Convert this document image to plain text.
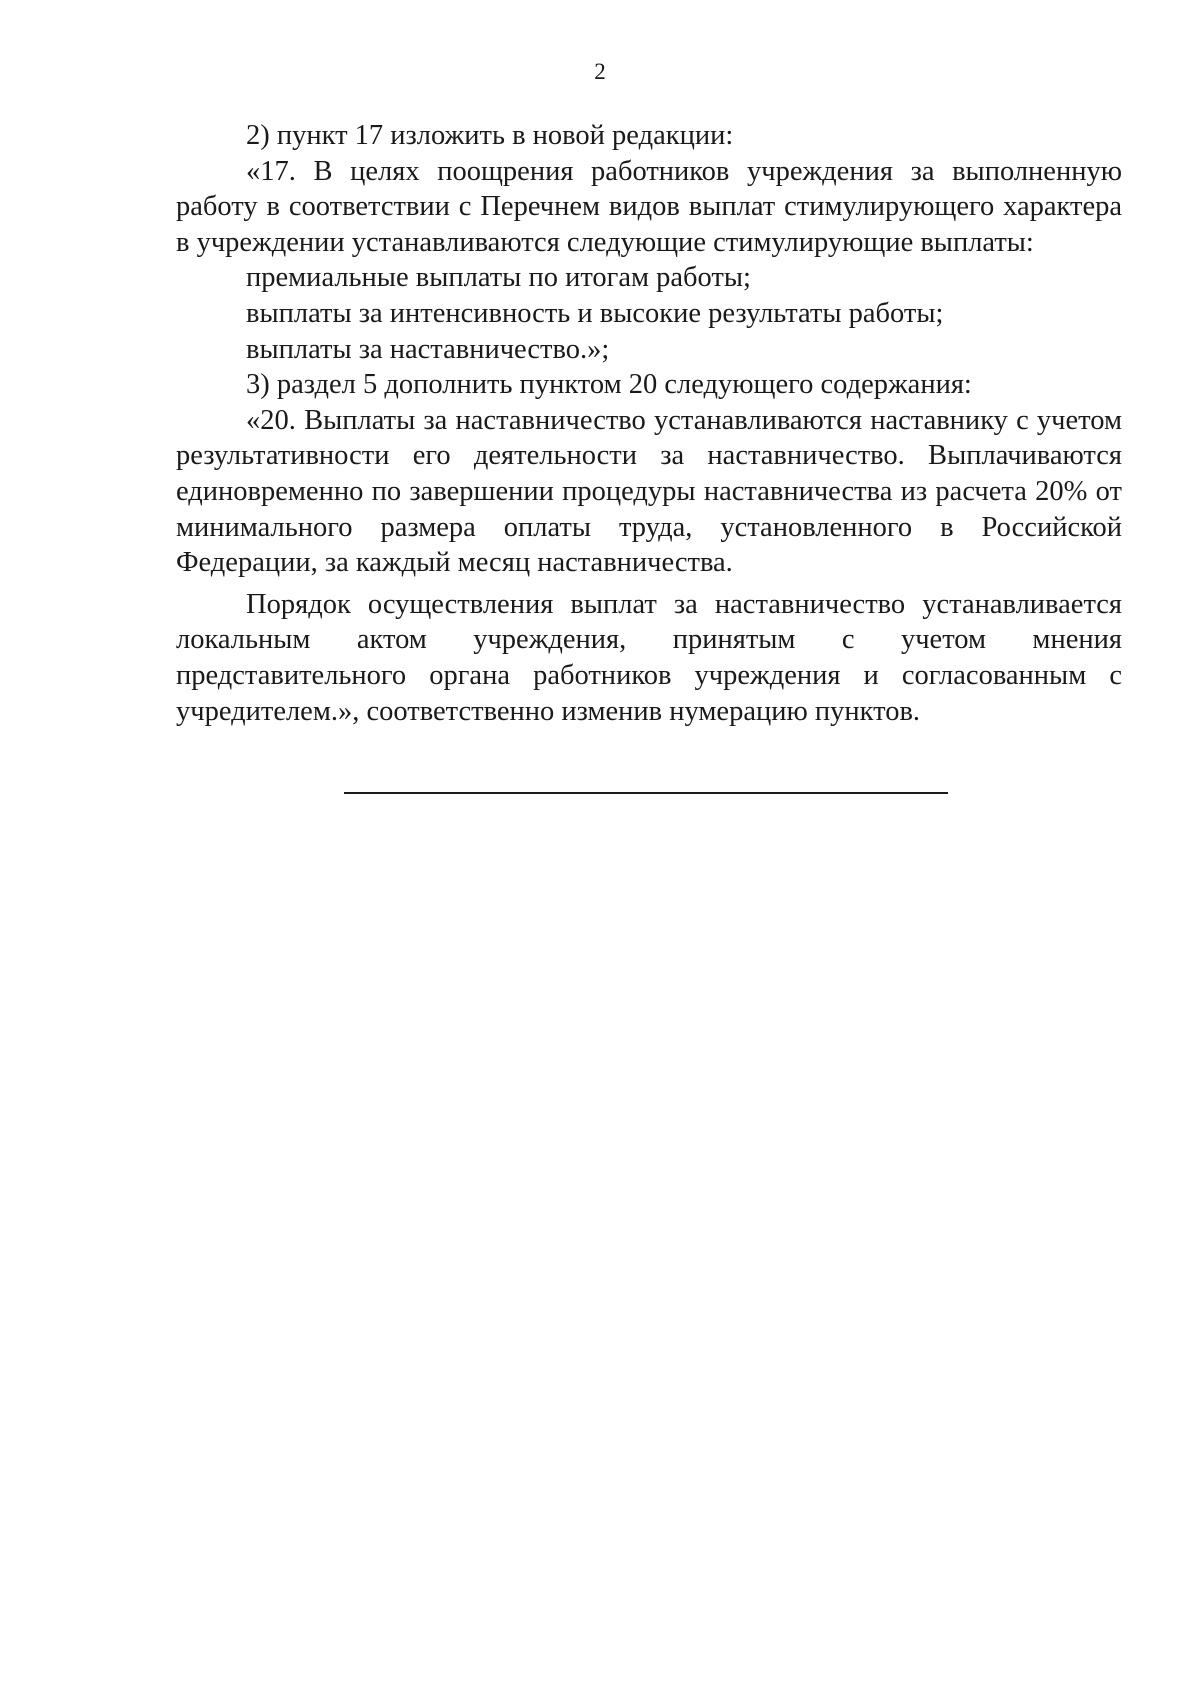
2

2) пункт 17 изложить в новой редакции:

«17. В целях поощрения работников учреждения за выполненную работу в соответствии с Перечнем видов выплат стимулирующего характера в учреждении устанавливаются следующие стимулирующие выплаты:

премиальные выплаты по итогам работы;

выплаты за интенсивность и высокие результаты работы;

выплаты за наставничество.»;

3) раздел 5 дополнить пунктом 20 следующего содержания:

«20. Выплаты за наставничество устанавливаются наставнику с учетом результативности его деятельности за наставничество. Выплачиваются единовременно по завершении процедуры наставничества из расчета 20% от минимального размера оплаты труда, установленного в Российской Федерации, за каждый месяц наставничества.

Порядок осуществления выплат за наставничество устанавливается локальным актом учреждения, принятым с учетом мнения представительного органа работников учреждения и согласованным с учредителем.», соответственно изменив нумерацию пунктов.
